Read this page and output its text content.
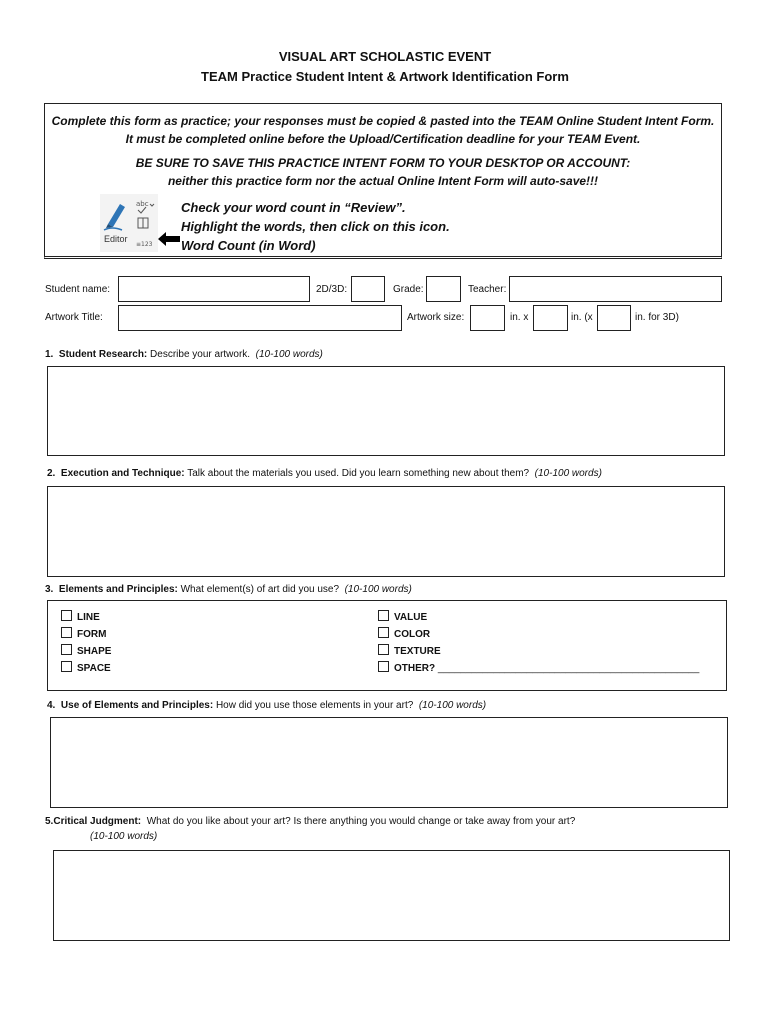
VISUAL ART SCHOLASTIC EVENT
TEAM Practice Student Intent & Artwork Identification Form
Complete this form as practice; your responses must be copied & pasted into the TEAM Online Student Intent Form.
It must be completed online before the Upload/Certification deadline for your TEAM Event.
BE SURE TO SAVE THIS PRACTICE INTENT FORM TO YOUR DESKTOP OR ACCOUNT:
neither this practice form nor the actual Online Intent Form will auto-save!!!
abc
≡123
Editor
Check your word count in “Review”.
Highlight the words, then click on this icon.
Word Count (in Word)
Student name:	2D/3D:	Grade:	Teacher:
Artwork Title:	Artwork size:	in. x	in. (x	in. for 3D)
1. Student Research: Describe your artwork. (10-100 words)
2. Execution and Technique: Talk about the materials you used. Did you learn something new about them? (10-100 words)
3. Elements and Principles: What element(s) of art did you use? (10-100 words)
LINE
FORM
SHAPE
SPACE
VALUE
COLOR
TEXTURE
OTHER? _______________________________________________
4. Use of Elements and Principles: How did you use those elements in your art? (10-100 words)
5.Critical Judgment:  What do you like about your art? Is there anything you would change or take away from your art?
(10-100 words)
